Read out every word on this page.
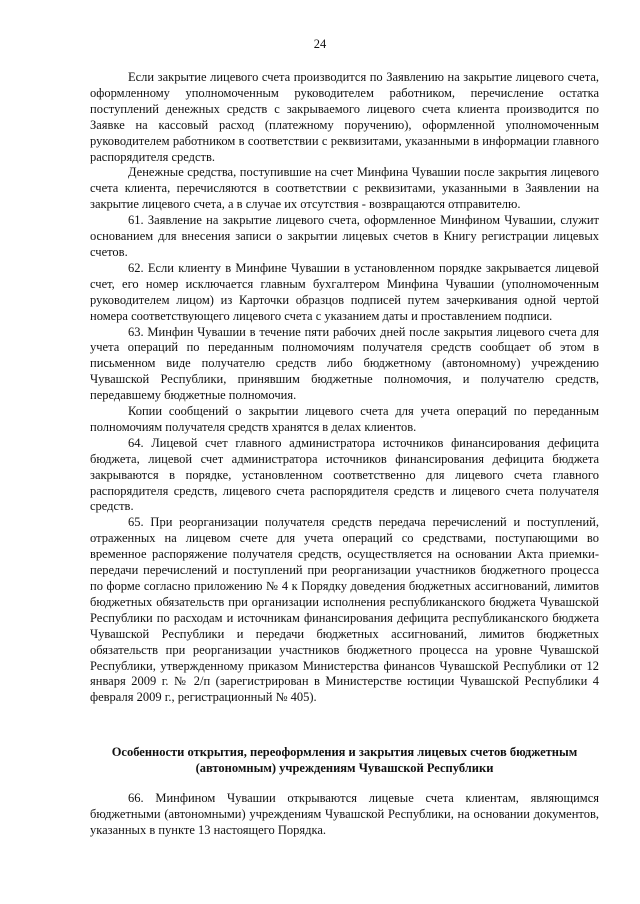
24

Если закрытие лицевого счета производится по Заявлению на закрытие лицевого счета, оформленному уполномоченным руководителем работником, перечисление остатка поступлений денежных средств с закрываемого лицевого счета клиента производится по Заявке на кассовый расход (платежному поручению), оформленной уполномоченным руководителем работником в соответствии с реквизитами, указанными в информации главного распорядителя средств.

Денежные средства, поступившие на счет Минфина Чувашии после закрытия лицевого счета клиента, перечисляются в соответствии с реквизитами, указанными в Заявлении на закрытие лицевого счета, а в случае их отсутствия - возвращаются отправителю.

61. Заявление на закрытие лицевого счета, оформленное Минфином Чувашии, служит основанием для внесения записи о закрытии лицевых счетов в Книгу регистрации лицевых счетов.

62. Если клиенту в Минфине Чувашии в установленном порядке закрывается лицевой счет, его номер исключается главным бухгалтером Минфина Чувашии (уполномоченным руководителем лицом) из Карточки образцов подписей путем зачеркивания одной чертой номера соответствующего лицевого счета с указанием даты и проставлением подписи.

63. Минфин Чувашии в течение пяти рабочих дней после закрытия лицевого счета для учета операций по переданным полномочиям получателя средств сообщает об этом в письменном виде получателю средств либо бюджетному (автономному) учреждению Чувашской Республики, принявшим бюджетные полномочия, и получателю средств, передавшему бюджетные полномочия.

Копии сообщений о закрытии лицевого счета для учета операций по переданным полномочиям получателя средств хранятся в делах клиентов.

64. Лицевой счет главного администратора источников финансирования дефицита бюджета, лицевой счет администратора источников финансирования дефицита бюджета закрываются в порядке, установленном соответственно для лицевого счета главного распорядителя средств, лицевого счета распорядителя средств и лицевого счета получателя средств.

65. При реорганизации получателя средств передача перечислений и поступлений, отраженных на лицевом счете для учета операций со средствами, поступающими во временное распоряжение получателя средств, осуществляется на основании Акта приемки-передачи перечислений и поступлений при реорганизации участников бюджетного процесса по форме согласно приложению № 4 к Порядку доведения бюджетных ассигнований, лимитов бюджетных обязательств при организации исполнения республиканского бюджета Чувашской Республики по расходам и источникам финансирования дефицита республиканского бюджета Чувашской Республики и передачи бюджетных ассигнований, лимитов бюджетных обязательств при реорганизации участников бюджетного процесса на уровне Чувашской Республики, утвержденному приказом Министерства финансов Чувашской Республики от 12 января 2009 г. № 2/п (зарегистрирован в Министерстве юстиции Чувашской Республики 4 февраля 2009 г., регистрационный № 405).

Особенности открытия, переоформления и закрытия лицевых счетов бюджетным (автономным) учреждениям Чувашской Республики

66. Минфином Чувашии открываются лицевые счета клиентам, являющимся бюджетными (автономными) учреждениям Чувашской Республики, на основании документов, указанных в пункте 13 настоящего Порядка.
